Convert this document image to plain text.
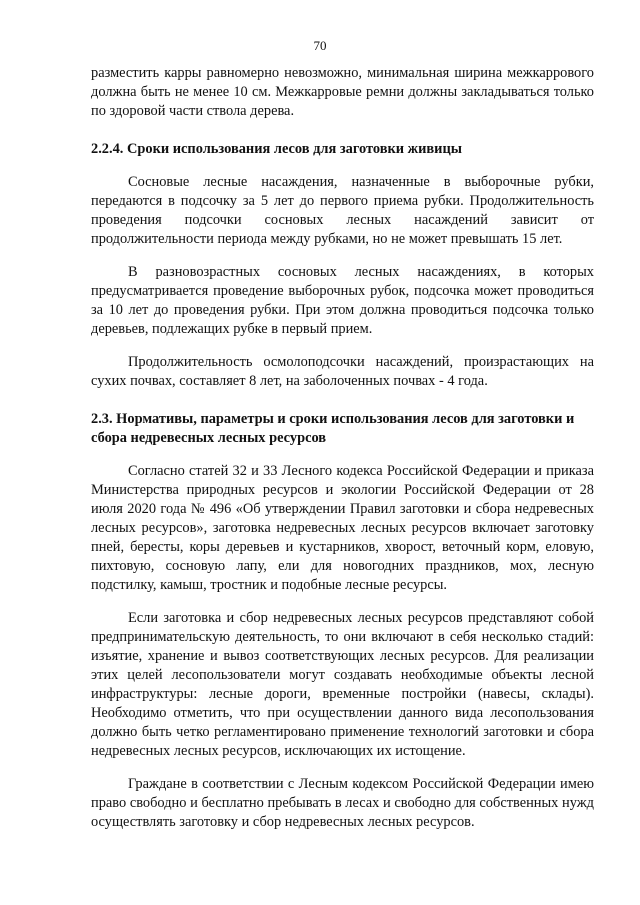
70

разместить карры равномерно невозможно, минимальная ширина межкаррового должна быть не менее 10 см. Межкарровые ремни должны закладываться только по здоровой части ствола дерева.

2.2.4. Сроки использования лесов для заготовки живицы

Сосновые лесные насаждения, назначенные в выборочные рубки, передаются в подсочку за 5 лет до первого приема рубки. Продолжительность проведения подсочки сосновых лесных насаждений зависит от продолжительности периода между рубками, но не может превышать 15 лет.

В разновозрастных сосновых лесных насаждениях, в которых предусматривается проведение выборочных рубок, подсочка может проводиться за 10 лет до проведения рубки. При этом должна проводиться подсочка только деревьев, подлежащих рубке в первый прием.

Продолжительность осмолоподсочки насаждений, произрастающих на сухих почвах, составляет 8 лет, на заболоченных почвах - 4 года.

2.3. Нормативы, параметры и сроки использования лесов для заготовки и сбора недревесных лесных ресурсов

Согласно статей 32 и 33 Лесного кодекса Российской Федерации и приказа Министерства природных ресурсов и экологии Российской Федерации от 28 июля 2020 года № 496 «Об утверждении Правил заготовки и сбора недревесных лесных ресурсов», заготовка недревесных лесных ресурсов включает заготовку пней, бересты, коры деревьев и кустарников, хворост, веточный корм, еловую, пихтовую, сосновую лапу, ели для новогодних праздников, мох, лесную подстилку, камыш, тростник и подобные лесные ресурсы.

Если заготовка и сбор недревесных лесных ресурсов представляют собой предпринимательскую деятельность, то они включают в себя несколько стадий: изъятие, хранение и вывоз соответствующих лесных ресурсов. Для реализации этих целей лесопользователи могут создавать необходимые объекты лесной инфраструктуры: лесные дороги, временные постройки (навесы, склады). Необходимо отметить, что при осуществлении данного вида лесопользования должно быть четко регламентировано применение технологий заготовки и сбора недревесных лесных ресурсов, исключающих их истощение.

Граждане в соответствии с Лесным кодексом Российской Федерации имею право свободно и бесплатно пребывать в лесах и свободно для собственных нужд осуществлять заготовку и сбор недревесных лесных ресурсов.
